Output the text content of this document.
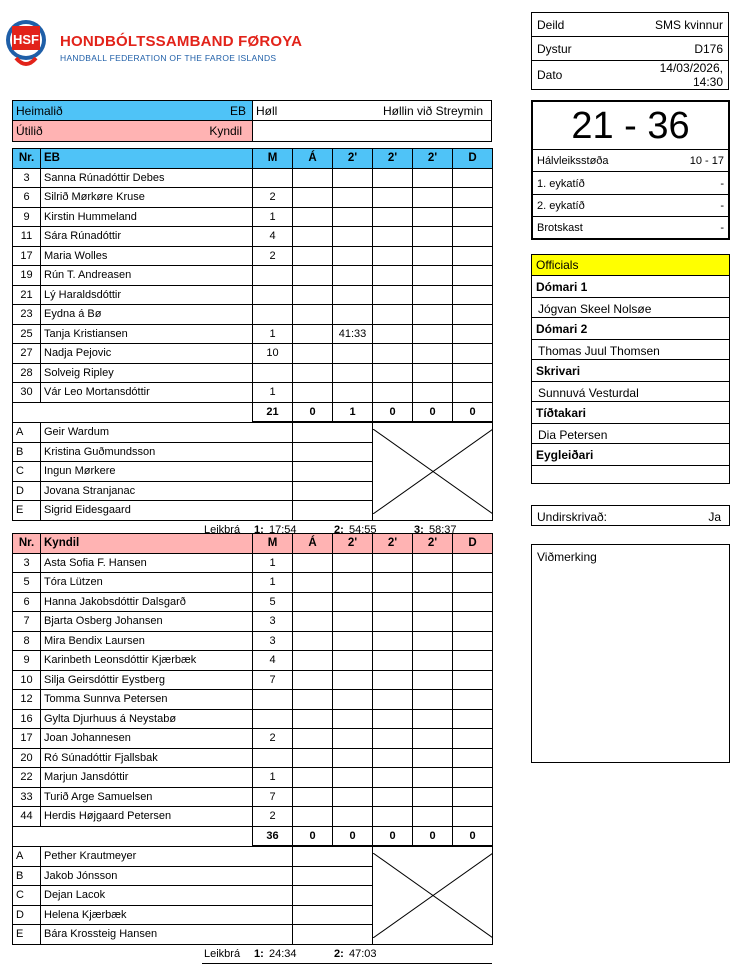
HSF HONDBÓLTSSAMBAND FØROYA
HANDBALL FEDERATION OF THE FAROE ISLANDS
Deild	SMS kvinnur
Dystur	D176
Dato	14/03/2026, 14:30
Heimalið	EB
Útilið	Kyndil
Høll	Høllin við Streymin	21 - 36
Hálvleiksstøða	10 - 17
1. eykatíð	-
2. eykatíð	-
Brotskast	-
Officials
Dómari 1
Jógvan Skeel Nolsøe
Dómari 2
Thomas Juul Thomsen
Skrivari
Sunnuvá Vesturdal
Tíðtakari
Dia Petersen
Eygleiðari
Undirskrivað:	Ja
Viðmerking
Nr.	EB	M	Á	2'	2'	2'	D
3	Sanna Rúnadóttir Debes						
6	Silrið Mørkøre Kruse	2					
9	Kirstin Hummeland	1					
11	Sára Rúnadóttir	4					
17	Maria Wolles	2					
19	Rún T. Andreasen						
21	Lý Haraldsdóttir						
23	Eydna á Bø						
25	Tanja Kristiansen	1		41:33			
27	Nadja Pejovic	10					
28	Solveig Ripley						
30	Vár Leo Mortansdóttir	1					
		21	0	1	0	0	0
A	Geir Wardum		

B	Kristina Guðmundsson		
C	Ingun Mørkere		
D	Jovana Stranjanac		
E	Sigrid Eidesgaard		
Leikbrá 1: 17:54	2: 54:55	3: 58:37
Nr.	Kyndil	M	Á	2'	2'	2'	D
3	Asta Sofia F. Hansen	1					
5	Tóra Lützen	1					
6	Hanna Jakobsdóttir Dalsgarð	5					
7	Bjarta Osberg Johansen	3					
8	Mira Bendix Laursen	3					
9	Karinbeth Leonsdóttir Kjærbæk	4					
10	Silja Geirsdóttir Eystberg	7					
12	Tomma Sunnva Petersen						
16	Gylta Djurhuus á Neystabø						
17	Joan Johannesen	2					
20	Ró Súnadóttir Fjallsbak						
22	Marjun Jansdóttir	1					
33	Turið Arge Samuelsen	7					
44	Herdis Højgaard Petersen	2					
		36	0	0	0	0	0
A	Pether Krautmeyer		

B	Jakob Jónsson		
C	Dejan Lacok		
D	Helena Kjærbæk		
E	Bára Krossteig Hansen		
Leikbrá 1: 24:34	2: 47:03
